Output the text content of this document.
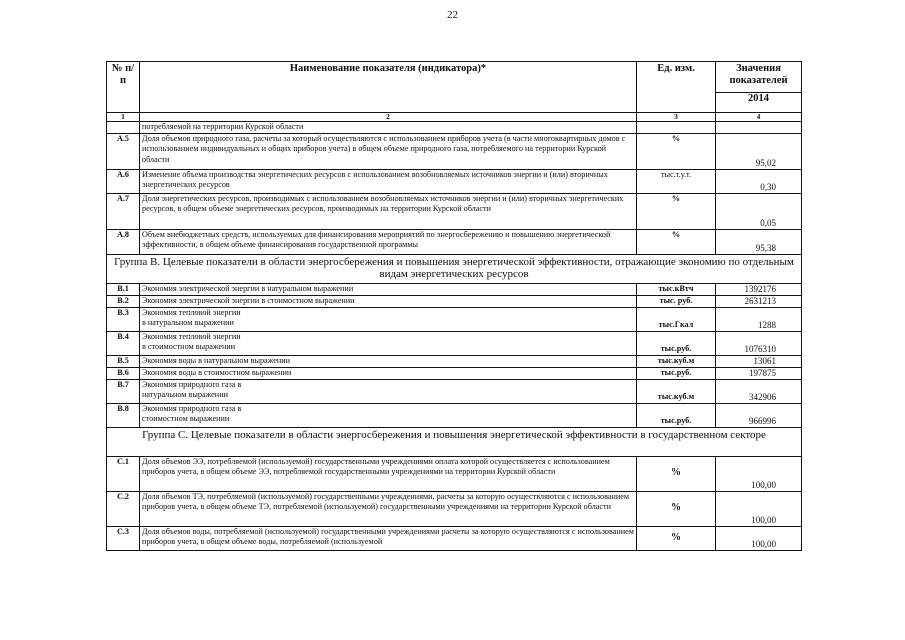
22
№ п/п	Наименование показателя (индикатора)*	Ед. изм.	Значения показателей
			2014
1	2	3	4
	потребляемой на территории Курской области		
А.5	Доля объемов природного газа, расчеты за который осуществляются с использованием приборов учета (в части многоквартирных домов с использованием индивидуальных и общих приборов учета) в общем объеме природного газа, потребляемого на территории Курской области	%	95,02
А.6	Изменение объема производства энергетических ресурсов с использованием возобновляемых источников энергии и (или) вторичных энергетических ресурсов	тыс.т.у.т.	0,30
А.7	Доля энергетических ресурсов, производимых с использованием возобновляемых источников энергии и (или) вторичных энергетических ресурсов, в общем объеме энергетических ресурсов, производимых на территории Курской области	%	0,05
А.8	Объем внебюджетных средств, используемых для финансирования мероприятий по энергосбережению и повышению энергетической эффективности, в общем объеме финансирования государственной программы	%	95,38
Группа В. Целевые показатели в области энергосбережения и повышения энергетической эффективности, отражающие экономию по отдельным видам энергетических ресурсов			
В.1	Экономия электрической энергии в натуральном выражении	тыс.кВтч	1392176
В.2	Экономия электрической энергии в стоимостном выражении	тыс. руб.	2631213
В.3	Экономия тепловой энергии в натуральном выражении	тыс.Гкал	1288
В.4	Экономия тепловой энергии в стоимостном выражении	тыс.руб.	1076310
В.5	Экономия воды в натуральном выражении	тыс.куб.м	13061
В.6	Экономия воды в стоимостном выражении	тыс.руб.	197875
В.7	Экономия природного газа в натуральном выражении	тыс.куб.м	342906
В.8	Экономия природного газа в стоимостном выражении	тыс.руб.	966996
Группа С. Целевые показатели в области энергосбережения и повышения энергетической эффективности в государственном секторе			
С.1	Доля объемов ЭЭ, потребляемой (используемой) государственными учреждениями оплата которой осуществляется с использованием приборов учета, в общем объеме ЭЭ, потребляемой государственными учреждениями на территории Курской области	%	100,00
С.2	Доля объемов ТЭ, потребляемой (используемой) государственными учреждениями, расчеты за которую осуществляются с использованием приборов учета, в общем объеме ТЭ, потребляемой (используемой) государственными учреждениями на территории Курской области	%	100,00
С.3	Доля объемов воды, потребляемой (используемой) государственными учреждениями расчеты за которую осуществляются с использованием приборов учета, в общем объеме воды, потребляемой (используемой	%	100,00
